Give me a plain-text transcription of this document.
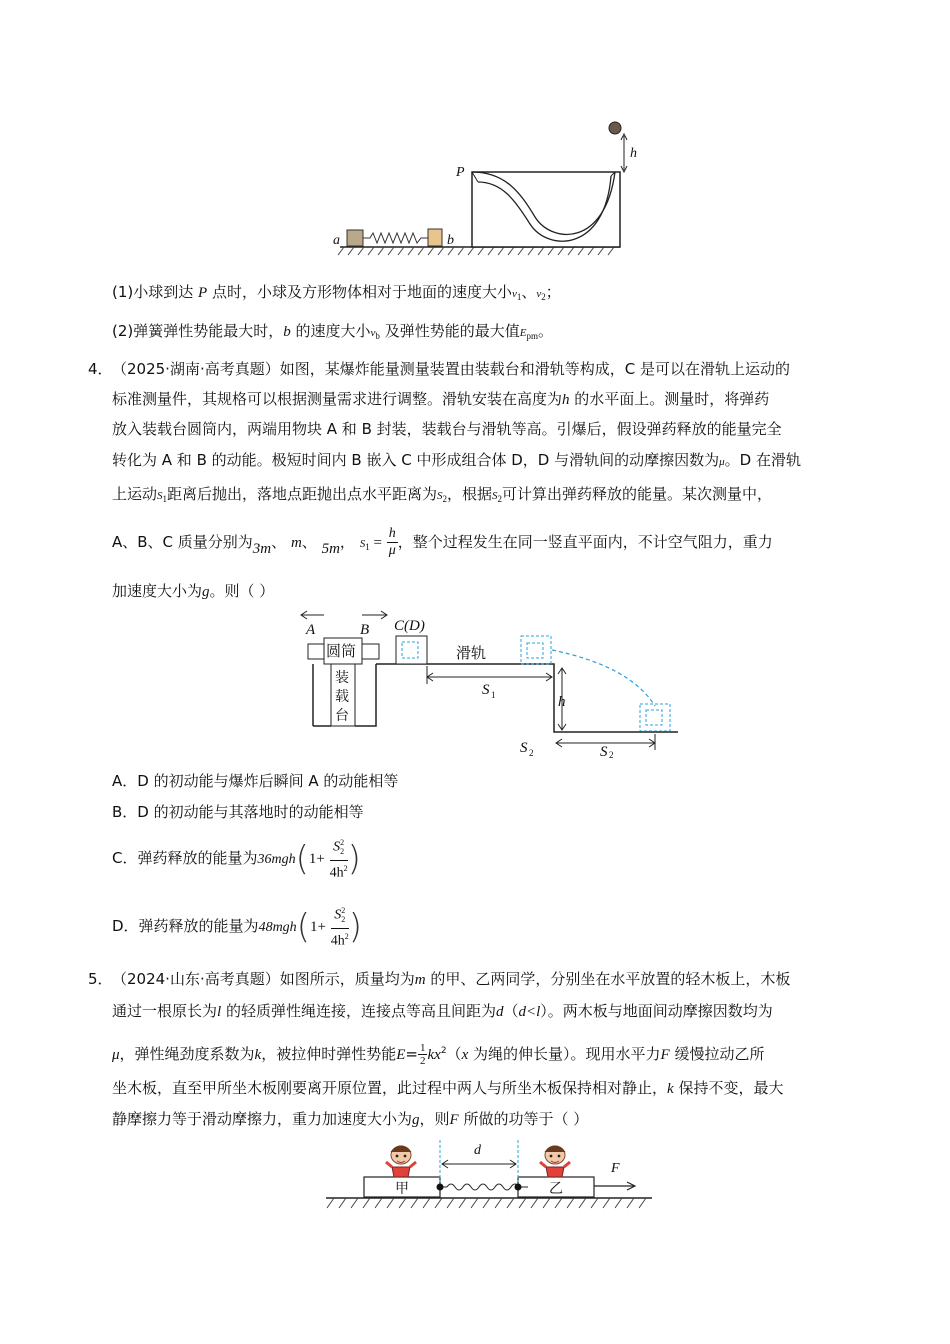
h
P
a	b
(1)小球到达 P 点时，小球及方形物体相对于地面的速度大小$v_1$、$v_2$；
(2)弹簧弹性势能最大时，b 的速度大小$v_b$ 及弹性势能的最大值$E_{pm}$。
4． （2025·湖南·高考真题）如图，某爆炸能量测量装置由装载台和滑轨等构成，C 是可以在滑轨上运动的
标准测量件，其规格可以根据测量需求进行调整。滑轨安装在高度为h 的水平面上。测量时，将弹药
放入装载台圆筒内，两端用物块 A 和 B 封装，装载台与滑轨等高。引爆后，假设弹药释放的能量完全
转化为 A 和 B 的动能。极短时间内 B 嵌入 C 中形成组合体 D，D 与滑轨间的动摩擦因数为μ。D 在滑轨
上运动$S_1$距离后抛出，落地点距抛出点水平距离为$S_2$，根据$S_2$可计算出弹药释放的能量。某次测量中，
A、B、C 质量分别为3m、 m、 5m， $S_1 = \frac{h}{\mu}$ ，整个过程发生在同一竖直平面内，不计空气阻力，重力
加速度大小为g。则（ ）
A	B
圆筒
装
载
台
C(D)
滑轨
S 1	h
S 2
S 2
A．D 的初动能与爆炸后瞬间 A 的动能相等
B．D 的初动能与其落地时的动能相等
C．弹药释放的能量为$36mgh(1+ \frac{S^2_2}{4h^2}$ )
D．弹药释放的能量为$48mgh(1+ \frac{S^2_2}{4h^2}$ )
5． （2024·山东·高考真题）如图所示，质量均为m 的甲、乙两同学，分别坐在水平放置的轻木板上，木板
通过一根原长为l 的轻质弹性绳连接，连接点等高且间距为d（d<l）。两木板与地面间动摩擦因数均为
μ，弹性绳劲度系数为k，被拉伸时弹性势能$E= \frac{1}{2} kx^2(x$ 为绳的伸长量）。现用水平力F 缓慢拉动乙所
坐木板，直至甲所坐木板刚要离开原位置，此过程中两人与所坐木板保持相对静止，k 保持不变，最大
静摩擦力等于滑动摩擦力，重力加速度大小为g，则F 所做的功等于（ ）
甲	乙
d
F
